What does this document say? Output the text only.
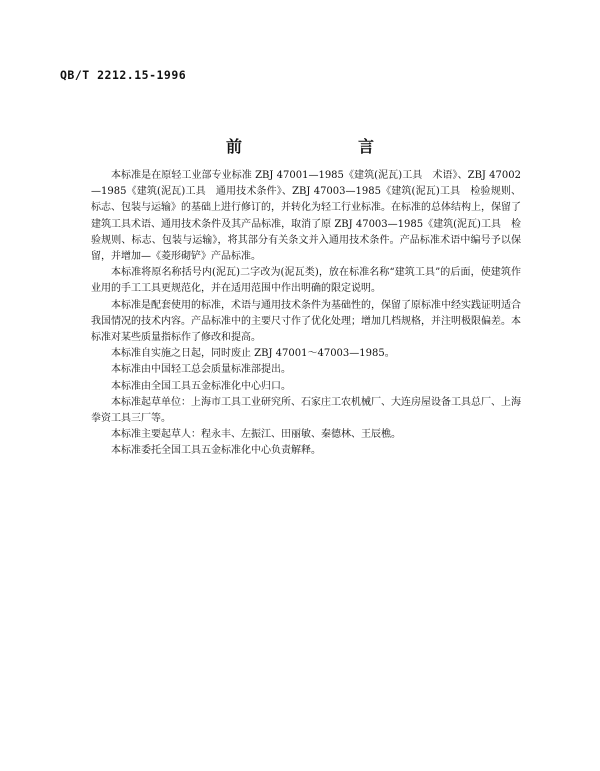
QB/T 2212.15-1996
前　　言

本标准是在原轻工业部专业标准 ZBJ 47001—1985《建筑(泥瓦)工具　术语》、ZBJ 47002—1985《建筑(泥瓦)工具　通用技术条件》、ZBJ 47003—1985《建筑(泥瓦)工具　检验规则、标志、包装与运输》的基础上进行修订的，并转化为轻工行业标准。在标准的总体结构上，保留了建筑工具术语、通用技术条件及其产品标准，取消了原 ZBJ 47003—1985《建筑(泥瓦)工具　检验规则、标志、包装与运输》，将其部分有关条文并入通用技术条件。产品标准术语中编号予以保留，并增加—《菱形砌铲》产品标准。

本标准将原名称括号内(泥瓦)二字改为(泥瓦类)，放在标准名称“建筑工具”的后面，使建筑作业用的手工工具更规范化，并在适用范围中作出明确的限定说明。

本标准是配套使用的标准，术语与通用技术条件为基础性的，保留了原标准中经实践证明适合我国情况的技术内容。产品标准中的主要尺寸作了优化处理；增加几档规格，并注明极限偏差。本标准对某些质量指标作了修改和提高。

本标准自实施之日起，同时废止 ZBJ 47001～47003—1985。

本标准由中国轻工总会质量标准部提出。

本标准由全国工具五金标准化中心归口。

本标准起草单位：上海市工具工业研究所、石家庄工农机械厂、大连房屋设备工具总厂、上海拳资工具三厂等。

本标准主要起草人：程永丰、左振江、田丽敏、秦德林、王辰樵。

本标准委托全国工具五金标准化中心负责解释。
